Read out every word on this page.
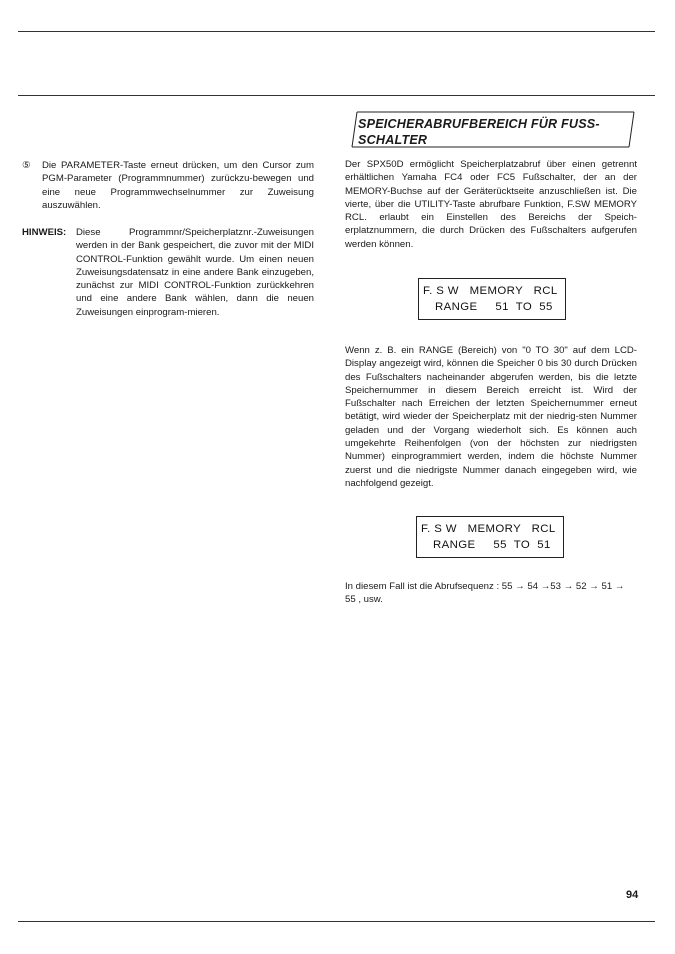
⑤ Die PARAMETER-Taste erneut drücken, um den Cursor zum PGM-Parameter (Programmnummer) zurückzu-bewegen und eine neue Programmwechselnummer zur Zuweisung auszuwählen.
HINWEIS: Diese Programmnr/Speicherplatznr.-Zuweisungen werden in der Bank gespeichert, die zuvor mit der MIDI CONTROL-Funktion gewählt wurde. Um einen neuen Zuweisungsdatensatz in eine andere Bank einzugeben, zunächst zur MIDI CONTROL-Funktion zurückkehren und eine andere Bank wählen, dann die neuen Zuweisungen einprogram-mieren.
SPEICHERABRUFBEREICH FÜR FUSS-
SCHALTER
Der SPX50D ermöglicht Speicherplatzabruf über einen getrennt erhältlichen Yamaha FC4 oder FC5 Fußschalter, der an der MEMORY-Buchse auf der Geräterücktseite anzuschließen ist. Die vierte, über die UTILITY-Taste abrufbare Funktion, F.SW MEMORY RCL. erlaubt ein Einstellen des Bereichs der Speich-erplatznummern, die durch Drücken des Fußschalters aufgerufen werden können.
F. S W   MEMORY   RCL
RANGE     51  TO  55
Wenn z. B. ein RANGE (Bereich) von "0 TO 30" auf dem LCD-Display angezeigt wird, können die Speicher 0 bis 30 durch Drücken des Fußschalters nacheinander abgerufen werden, bis die letzte Speichernummer in diesem Bereich erreicht ist. Wird der Fußschalter nach Erreichen der letzten Speichernummer erneut betätigt, wird wieder der Speicherplatz mit der niedrig-sten Nummer geladen und der Vorgang wiederholt sich. Es können auch umgekehrte Reihenfolgen (von der höchsten zur niedrigsten Nummer) einprogrammiert werden, indem die höchste Nummer zuerst und die niedrigste Nummer danach eingegeben wird, wie nachfolgend gezeigt.
F. S W   MEMORY   RCL
RANGE     55  TO  51
In diesem Fall ist die Abrufsequenz : 55 → 54 →53 → 52 → 51 → 55 , usw.
94
